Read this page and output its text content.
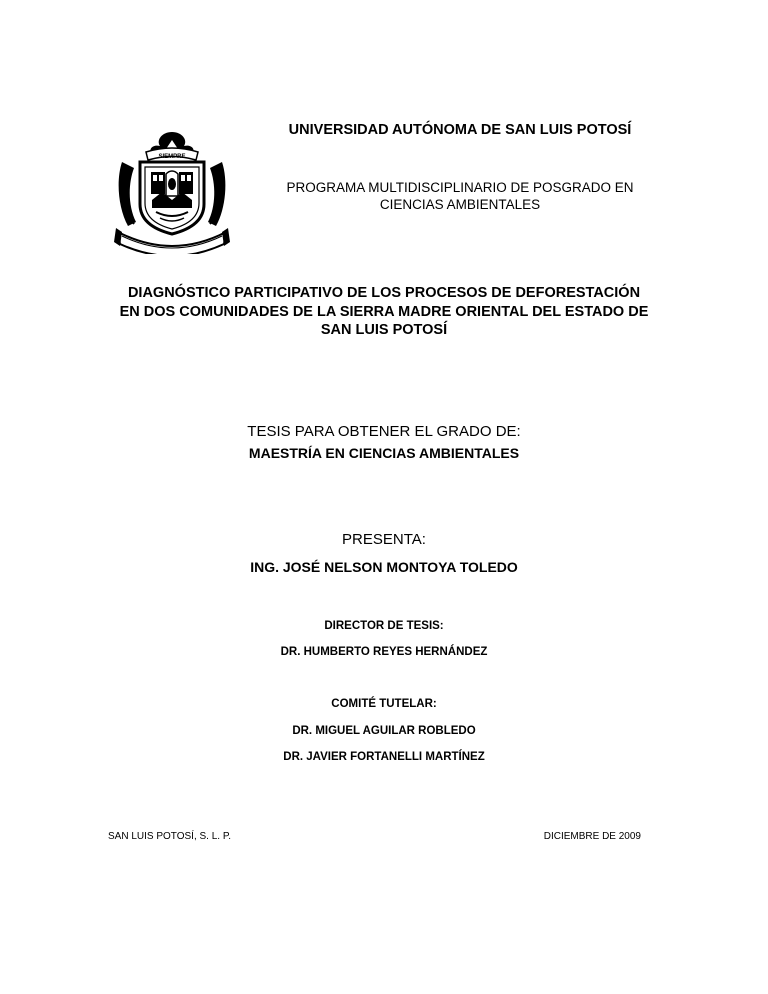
SIEMPRE
UNIVERSIDAD AUTÓNOMA DE SAN LUIS POTOSÍ
PROGRAMA MULTIDISCIPLINARIO DE POSGRADO EN
CIENCIAS AMBIENTALES
DIAGNÓSTICO PARTICIPATIVO DE LOS PROCESOS DE DEFORESTACIÓN
EN DOS COMUNIDADES DE LA SIERRA MADRE ORIENTAL DEL ESTADO DE
SAN LUIS POTOSÍ
TESIS PARA OBTENER EL GRADO DE:
MAESTRÍA EN CIENCIAS AMBIENTALES
PRESENTA:
ING. JOSÉ NELSON MONTOYA TOLEDO
DIRECTOR DE TESIS:
DR. HUMBERTO REYES HERNÁNDEZ
COMITÉ TUTELAR:
DR. MIGUEL AGUILAR ROBLEDO
DR. JAVIER FORTANELLI MARTÍNEZ
SAN LUIS POTOSÍ, S. L. P.	DICIEMBRE DE 2009
